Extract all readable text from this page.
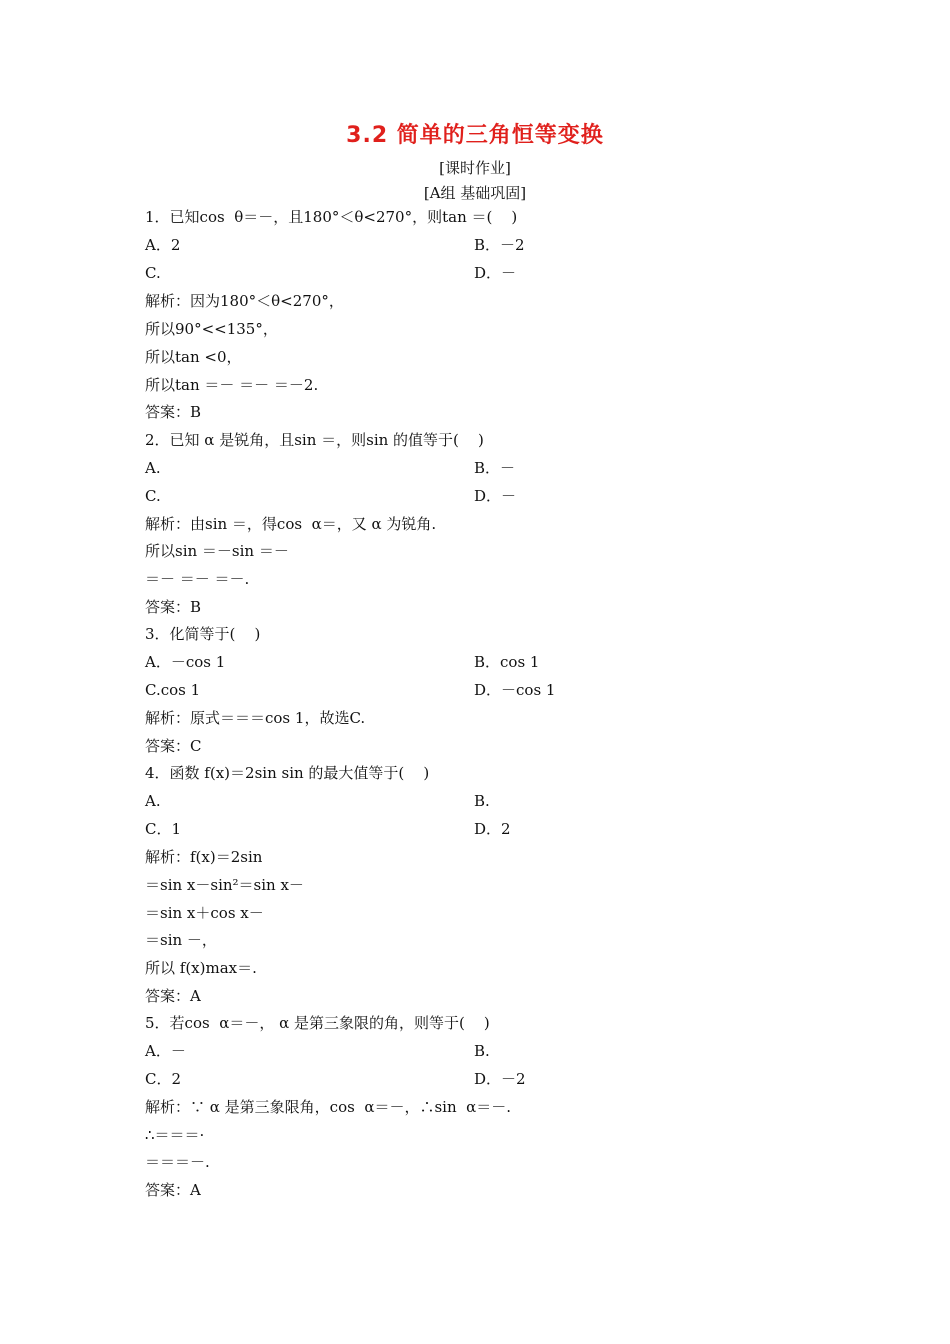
3.2 简单的三角恒等变换
[课时作业]
[A组 基础巩固]
1．已知cos  θ＝－，且180°＜θ<270°，则tan ＝(    )
A．2	B．－2
C.	D．－
解析：因为180°＜θ<270°，
所以90°<<135°，
所以tan <0，
所以tan ＝－ ＝－ ＝－2.
答案：B
2．已知 α 是锐角，且sin ＝，则sin 的值等于(    )
A.	B．－
C.	D．－
解析：由sin ＝，得cos  α＝，又 α 为锐角.
所以sin ＝－sin ＝－
＝－ ＝－ ＝－.
答案：B
3．化简等于(    )
A．－cos 1	B．cos 1
C.cos 1	D．－cos 1
解析：原式＝＝＝cos 1，故选C.
答案：C
4．函数 f(x)＝2sin sin 的最大值等于(    )
A.	B.
C．1	D．2
解析：f(x)＝2sin
＝sin x－sin²＝sin x－
＝sin x＋cos x－
＝sin －，
所以 f(x)max＝.
答案：A
5．若cos  α＝－， α 是第三象限的角，则等于(    )
A．－	B.
C．2	D．－2
解析：∵ α 是第三象限角，cos  α＝－，∴sin  α＝－.
∴＝＝＝·
＝＝＝－.
答案：A
